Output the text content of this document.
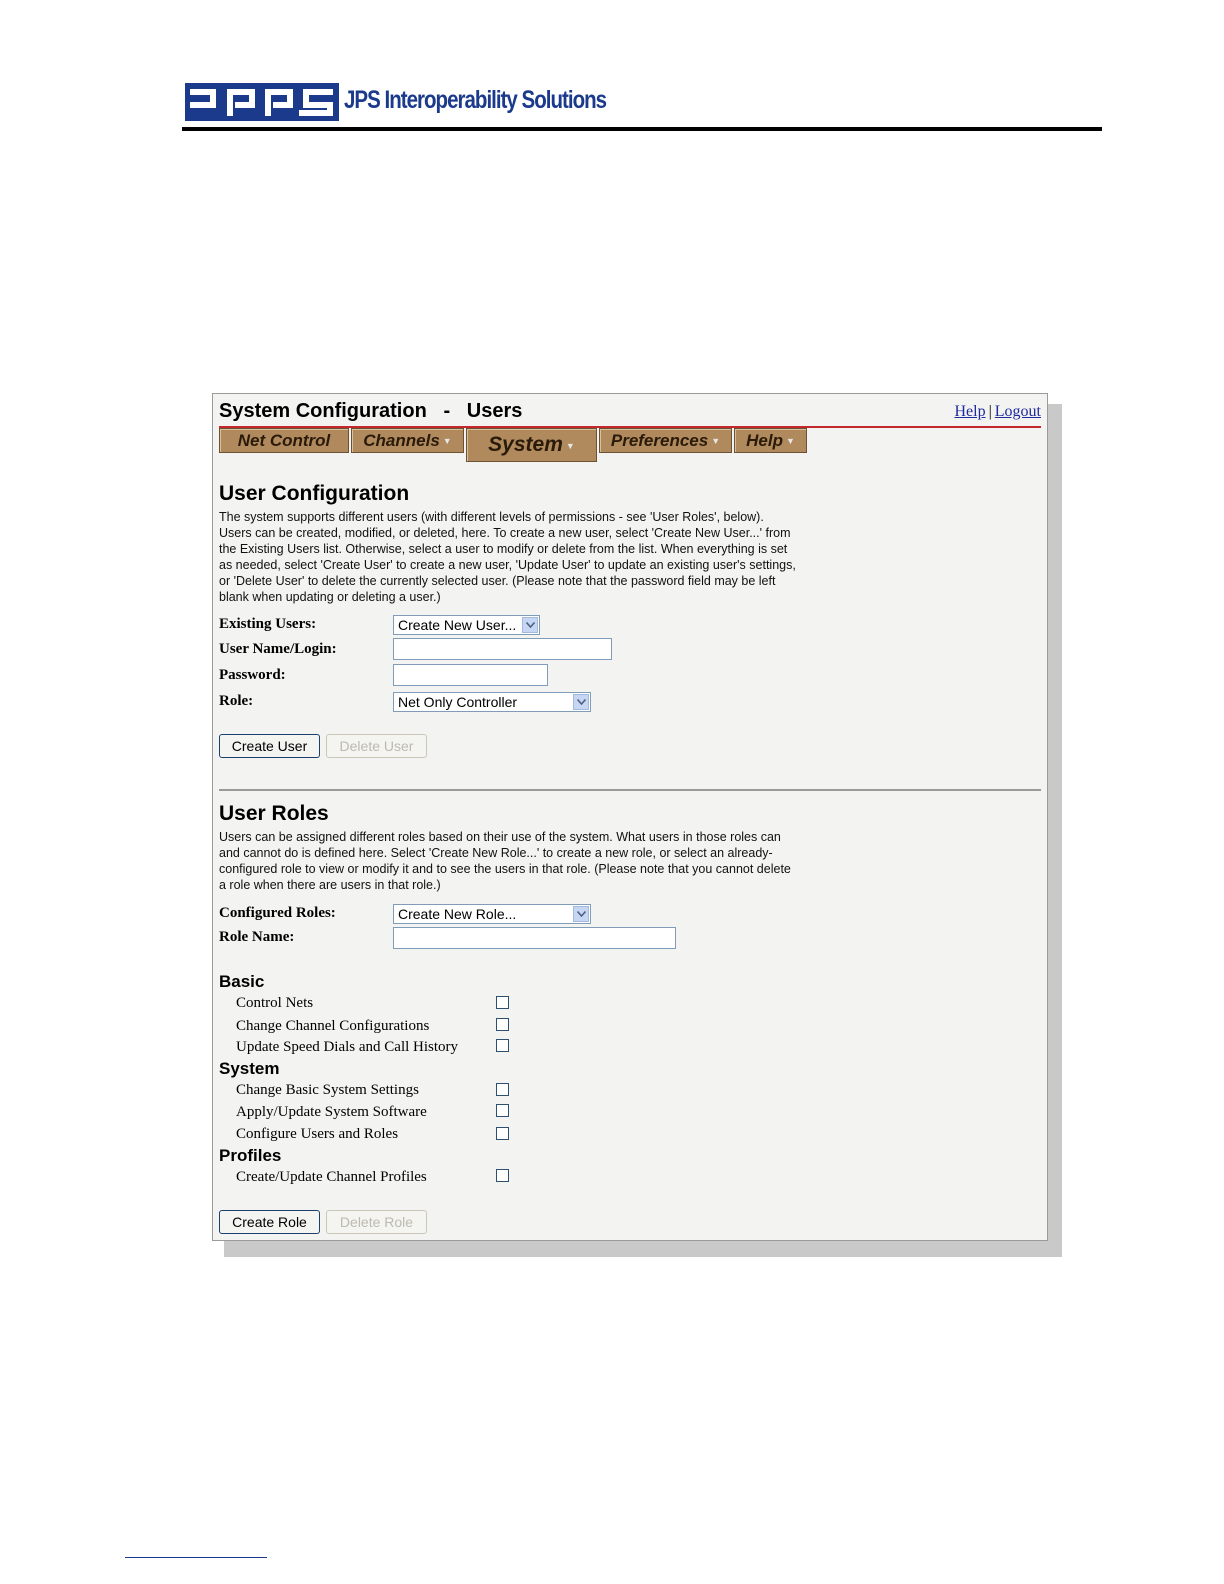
JPS Interoperability Solutions
System Configuration   -   Users	Help | Logout
Net Control	Channels ▼	System ▼	Preferences ▼	Help ▼
User Configuration
The system supports different users (with different levels of permissions - see 'User Roles', below). Users can be created, modified, or deleted, here. To create a new user, select 'Create New User...' from the Existing Users list. Otherwise, select a user to modify or delete from the list. When everything is set as needed, select 'Create User' to create a new user, 'Update User' to update an existing user's settings, or 'Delete User' to delete the currently selected user. (Please note that the password field may be left blank when updating or deleting a user.)
Existing Users:	Create New User...
User Name/Login:
Password:
Role:	Net Only Controller
Create User	Delete User
User Roles
Users can be assigned different roles based on their use of the system. What users in those roles can and cannot do is defined here. Select 'Create New Role...' to create a new role, or select an already-configured role to view or modify it and to see the users in that role. (Please note that you cannot delete a role when there are users in that role.)
Configured Roles:	Create New Role...
Role Name:
Basic
Control Nets
Change Channel Configurations
Update Speed Dials and Call History
System
Change Basic System Settings
Apply/Update System Software
Configure Users and Roles
Profiles
Create/Update Channel Profiles
Create Role	Delete Role
